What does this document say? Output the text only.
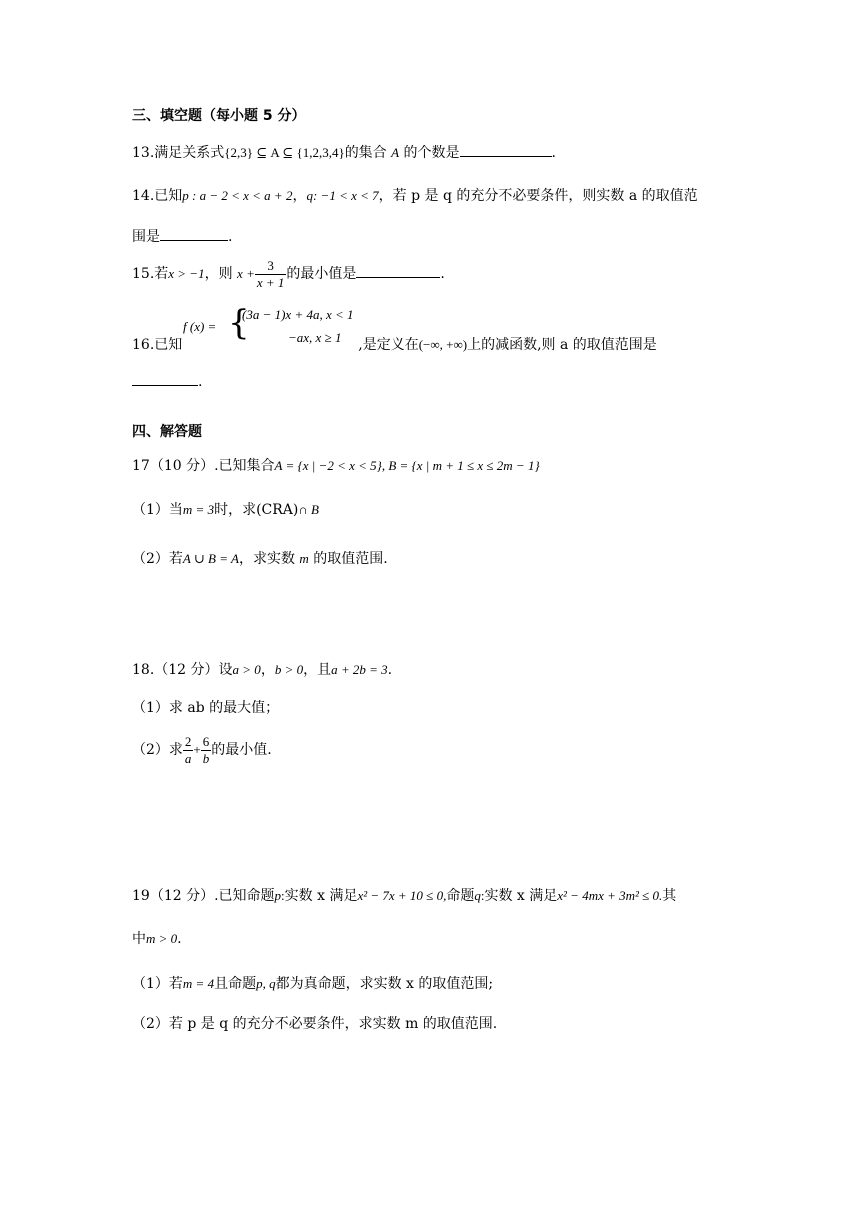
三、填空题（每小题 5 分）
13.满足关系式{2,3} ⊆ A ⊆ {1,2,3,4}的集合 A 的个数是	.
14.已知p : a − 2 < x < a + 2，q: −1 < x < 7，若 p 是 q 的充分不必要条件，则实数 a 的取值范
围是	.
15.若x > −1，则 $x + \frac{3}{x + 1}$ 的最小值是	.
f (x) = {
(3a − 1)x + 4a, x < 1
−ax, x ≥ 1
16.已知	,是定义在(−∞, +∞)上的减函数,则 a 的取值范围是
.
四、解答题
17（10 分）.已知集合A = {x | −2 < x < 5}, B = {x | m + 1 ≤ x ≤ 2m − 1}
（1）当m = 3时，求(CRA)∩ B
（2）若A ∪ B = A，求实数 m 的取值范围.
18.（12 分）设a > 0，b > 0，且a + 2b = 3.
（1）求 ab 的最大值；
（2）求 $\frac{2}{a} + \frac{6}{b}$ 的最小值.
19（12 分）.已知命题p:实数 x 满足x² − 7x + 10 ≤ 0,命题q:实数 x 满足x² − 4mx + 3m² ≤ 0.其
中m > 0.
（1）若m = 4且命题p, q都为真命题，求实数 x 的取值范围;
（2）若 p 是 q 的充分不必要条件，求实数 m 的取值范围.
